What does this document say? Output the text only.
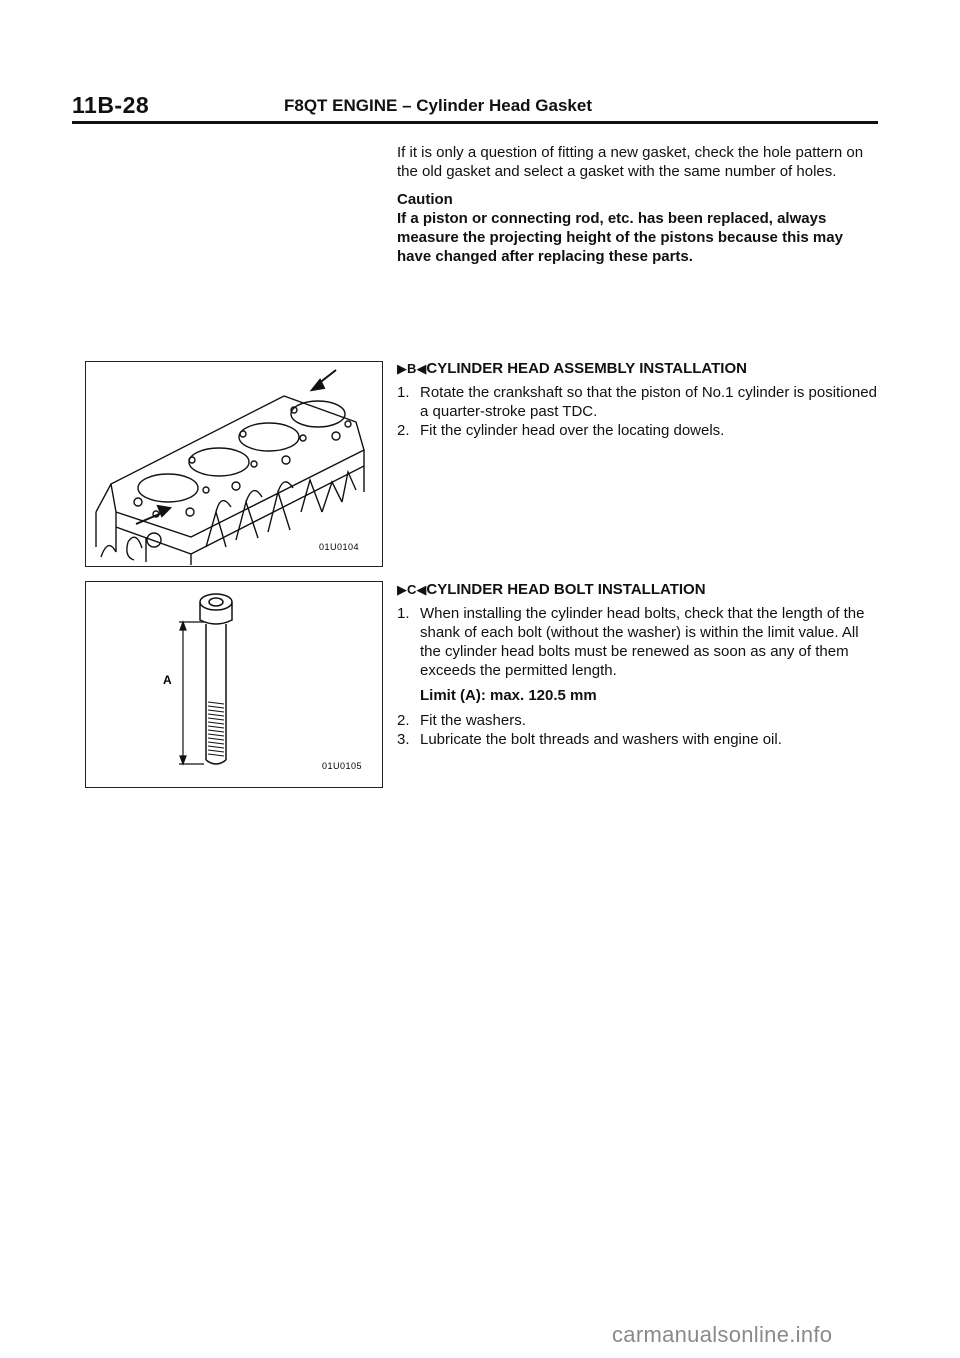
11B-28	F8QT ENGINE – Cylinder Head Gasket

If it is only a question of fitting a new gasket, check the hole pattern on the old gasket and select a gasket with the same number of holes.

Caution

If a piston or connecting rod, etc. has been replaced, always measure the projecting height of the pistons because this may have changed after replacing these parts.

01U0104
A
01U0105

▶B◀CYLINDER HEAD ASSEMBLY INSTALLATION

1. Rotate the crankshaft so that the piston of No.1 cylinder is positioned a quarter-stroke past TDC.
2. Fit the cylinder head over the locating dowels.

▶C◀CYLINDER HEAD BOLT INSTALLATION

1. When installing the cylinder head bolts, check that the length of the shank of each bolt (without the washer) is within the limit value. All the cylinder head bolts must be renewed as soon as any of them exceeds the permitted length.

Limit (A): max. 120.5 mm

2. Fit the washers.
3. Lubricate the bolt threads and washers with engine oil.
carmanualsonline.info
